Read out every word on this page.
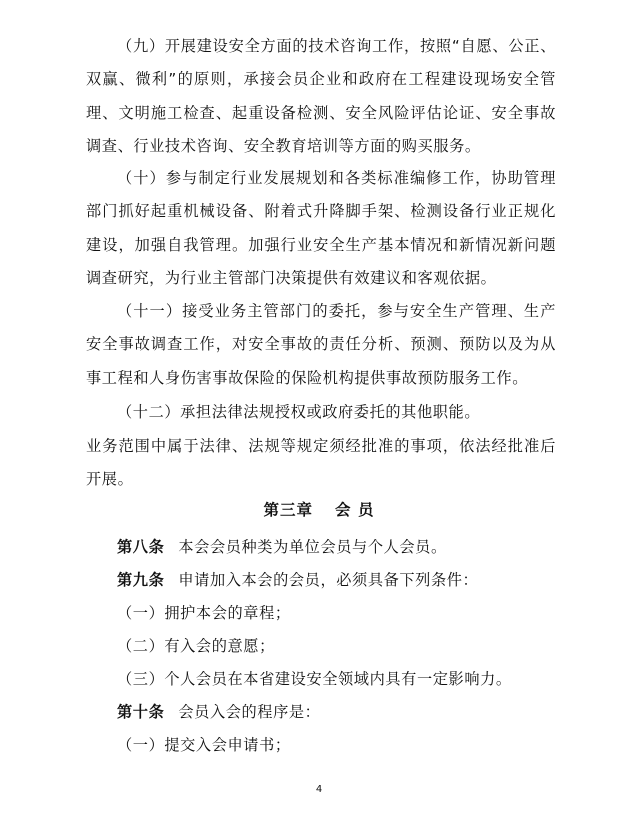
（九）开展建设安全方面的技术咨询工作，按照“自愿、公正、双赢、微利”的原则，承接会员企业和政府在工程建设现场安全管理、文明施工检查、起重设备检测、安全风险评估论证、安全事故调查、行业技术咨询、安全教育培训等方面的购买服务。

（十）参与制定行业发展规划和各类标准编修工作，协助管理部门抓好起重机械设备、附着式升降脚手架、检测设备行业正规化建设，加强自我管理。加强行业安全生产基本情况和新情况新问题调查研究，为行业主管部门决策提供有效建议和客观依据。

（十一）接受业务主管部门的委托，参与安全生产管理、生产安全事故调查工作，对安全事故的责任分析、预测、预防以及为从事工程和人身伤害事故保险的保险机构提供事故预防服务工作。

（十二）承担法律法规授权或政府委托的其他职能。

业务范围中属于法律、法规等规定须经批准的事项，依法经批准后开展。

第三章 会 员
第八条 本会会员种类为单位会员与个人会员。
第九条 申请加入本会的会员，必须具备下列条件：
（一）拥护本会的章程；
（二）有入会的意愿；
（三）个人会员在本省建设安全领域内具有一定影响力。
第十条 会员入会的程序是：
（一）提交入会申请书；
4
